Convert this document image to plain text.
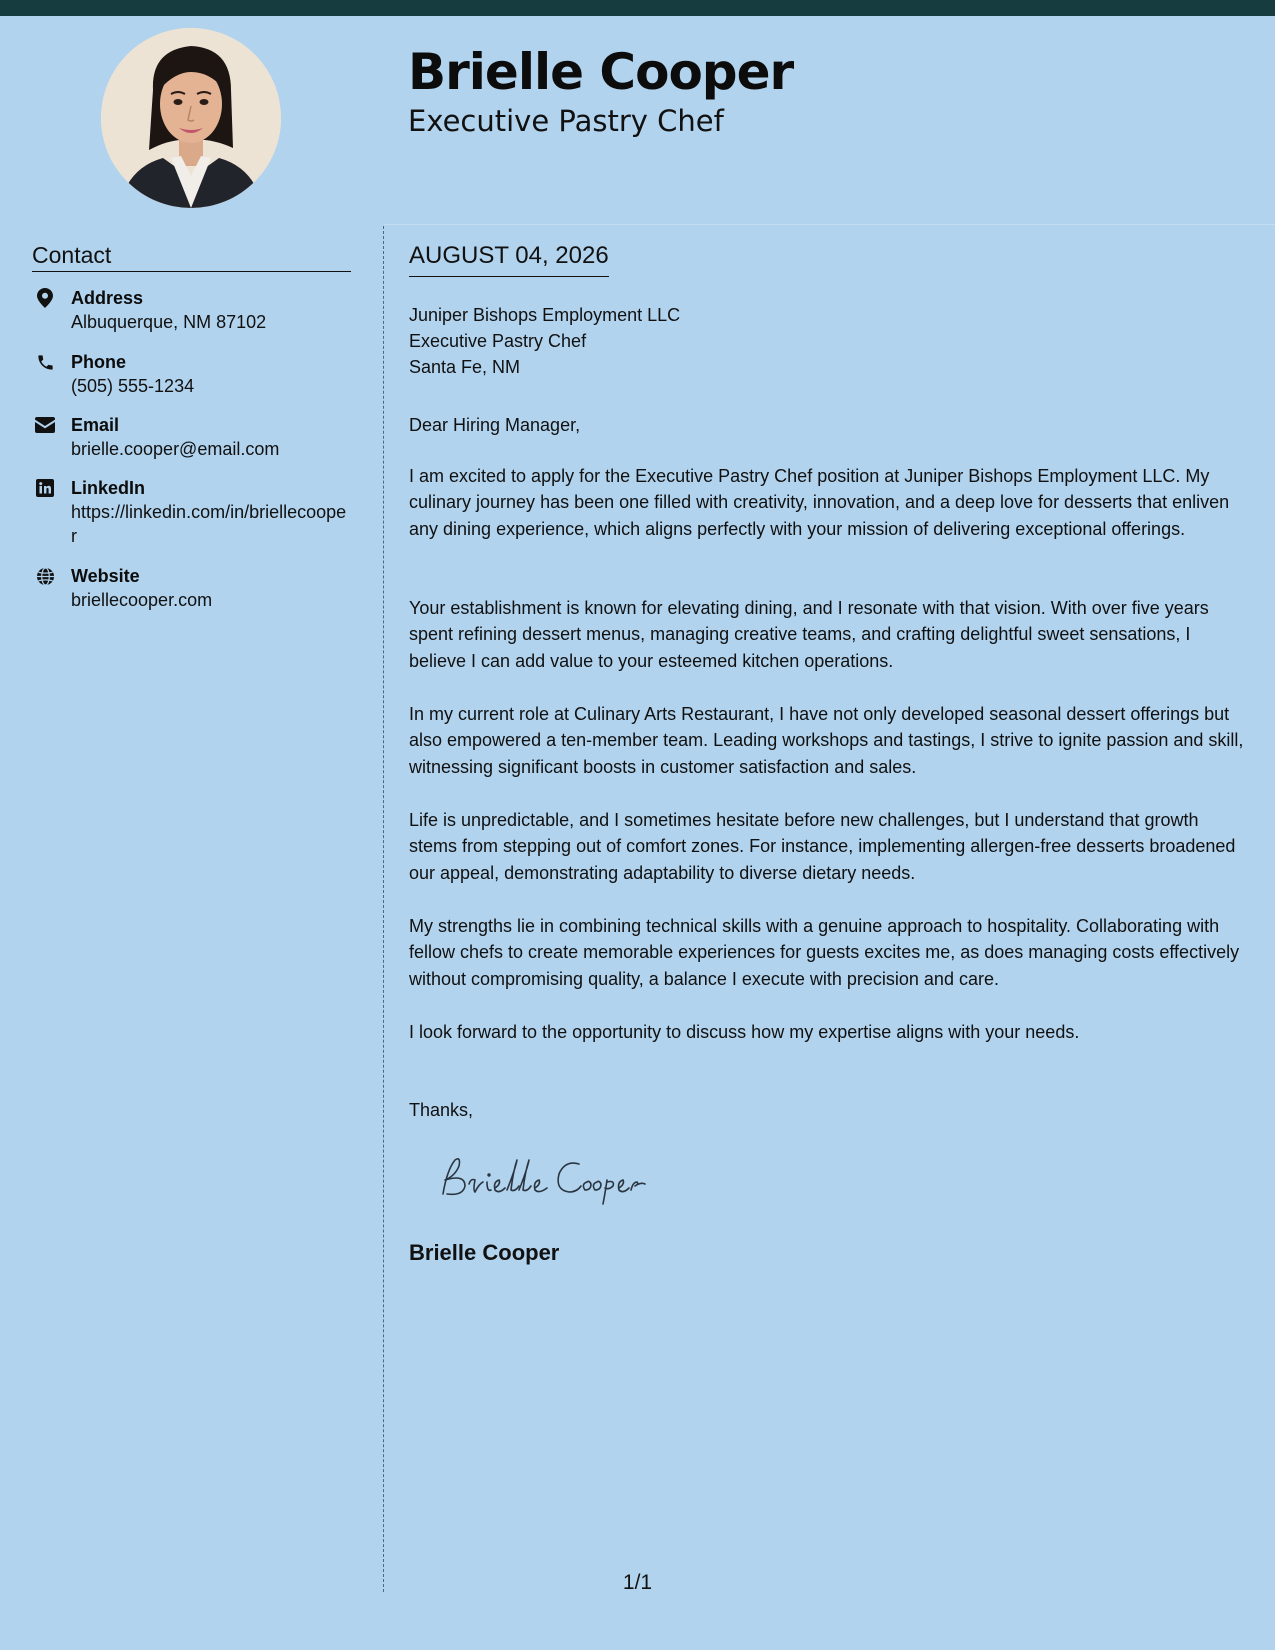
Brielle Cooper
Executive Pastry Chef
Contact
Address
Albuquerque, NM 87102
Phone
(505) 555-1234
Email
brielle.cooper@email.com
LinkedIn
https://linkedin.com/in/briellecooper
Website
briellecooper.com
AUGUST 04, 2026
Juniper Bishops Employment LLC
Executive Pastry Chef
Santa Fe, NM
Dear Hiring Manager,

I am excited to apply for the Executive Pastry Chef position at Juniper Bishops Employment LLC. My culinary journey has been one filled with creativity, innovation, and a deep love for desserts that enliven any dining experience, which aligns perfectly with your mission of delivering exceptional offerings.

Your establishment is known for elevating dining, and I resonate with that vision. With over five years spent refining dessert menus, managing creative teams, and crafting delightful sweet sensations, I believe I can add value to your esteemed kitchen operations.

In my current role at Culinary Arts Restaurant, I have not only developed seasonal dessert offerings but also empowered a ten-member team. Leading workshops and tastings, I strive to ignite passion and skill, witnessing significant boosts in customer satisfaction and sales.

Life is unpredictable, and I sometimes hesitate before new challenges, but I understand that growth stems from stepping out of comfort zones. For instance, implementing allergen-free desserts broadened our appeal, demonstrating adaptability to diverse dietary needs.

My strengths lie in combining technical skills with a genuine approach to hospitality. Collaborating with fellow chefs to create memorable experiences for guests excites me, as does managing costs effectively without compromising quality, a balance I execute with precision and care.

I look forward to the opportunity to discuss how my expertise aligns with your needs.

Thanks,
Brielle Cooper
1/1
